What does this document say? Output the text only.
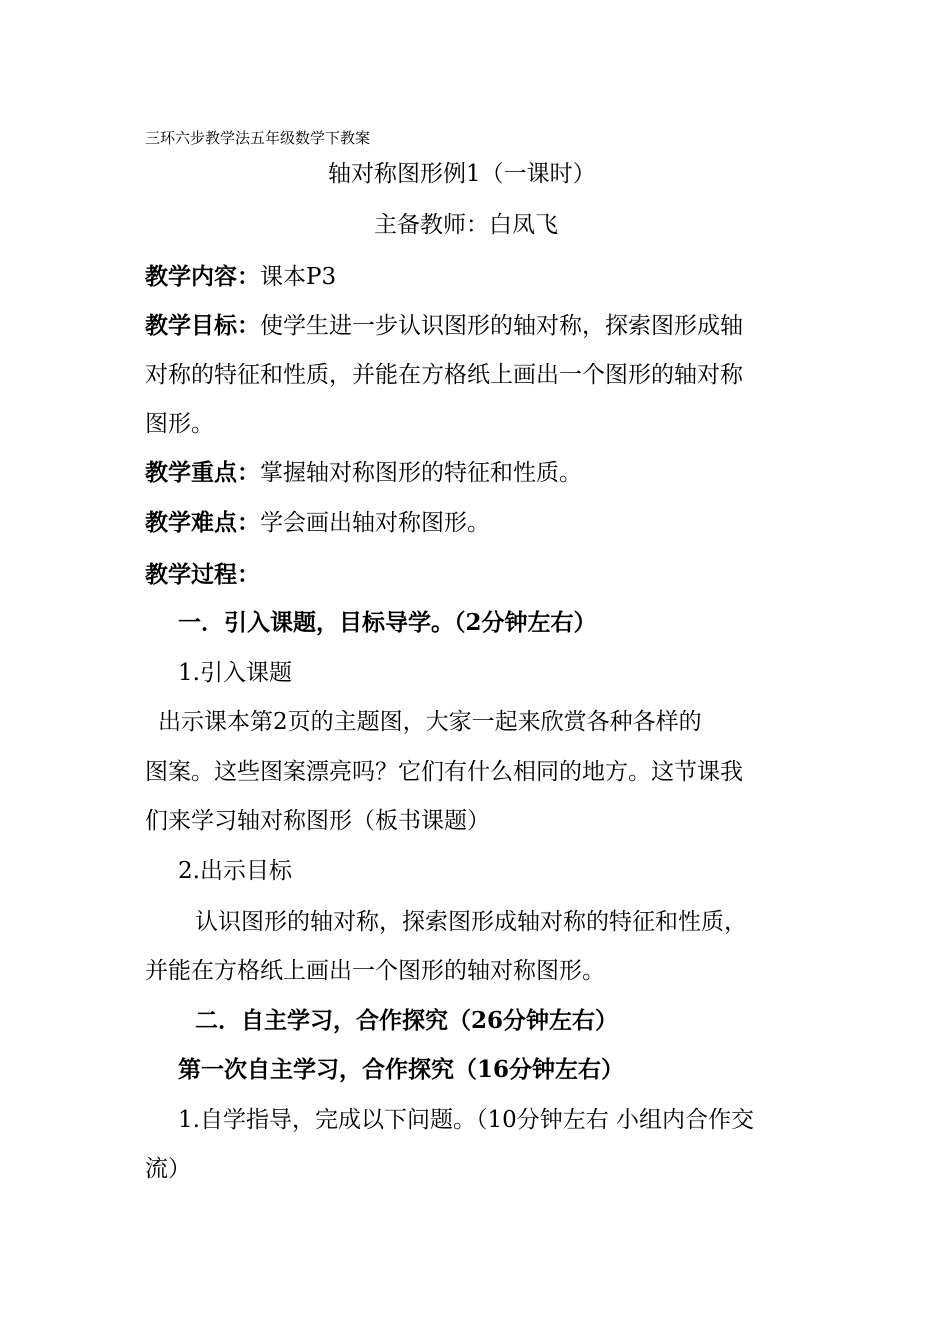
三环六步教学法五年级数学下教案
轴对称图形例1（一课时）
主备教师：白凤飞
教学内容：课本P3
教学目标：使学生进一步认识图形的轴对称，探索图形成轴
对称的特征和性质，并能在方格纸上画出一个图形的轴对称
图形。
教学重点：掌握轴对称图形的特征和性质。
教学难点：学会画出轴对称图形。
教学过程：
一．引入课题，目标导学。（2分钟左右）
1.引入课题
出示课本第2页的主题图，大家一起来欣赏各种各样的
图案。这些图案漂亮吗？它们有什么相同的地方。这节课我
们来学习轴对称图形（板书课题）
2.出示目标
认识图形的轴对称，探索图形成轴对称的特征和性质，
并能在方格纸上画出一个图形的轴对称图形。
二．自主学习，合作探究（26分钟左右）
第一次自主学习，合作探究（16分钟左右）
1.自学指导，完成以下问题。（10分钟左右 小组内合作交
流）
